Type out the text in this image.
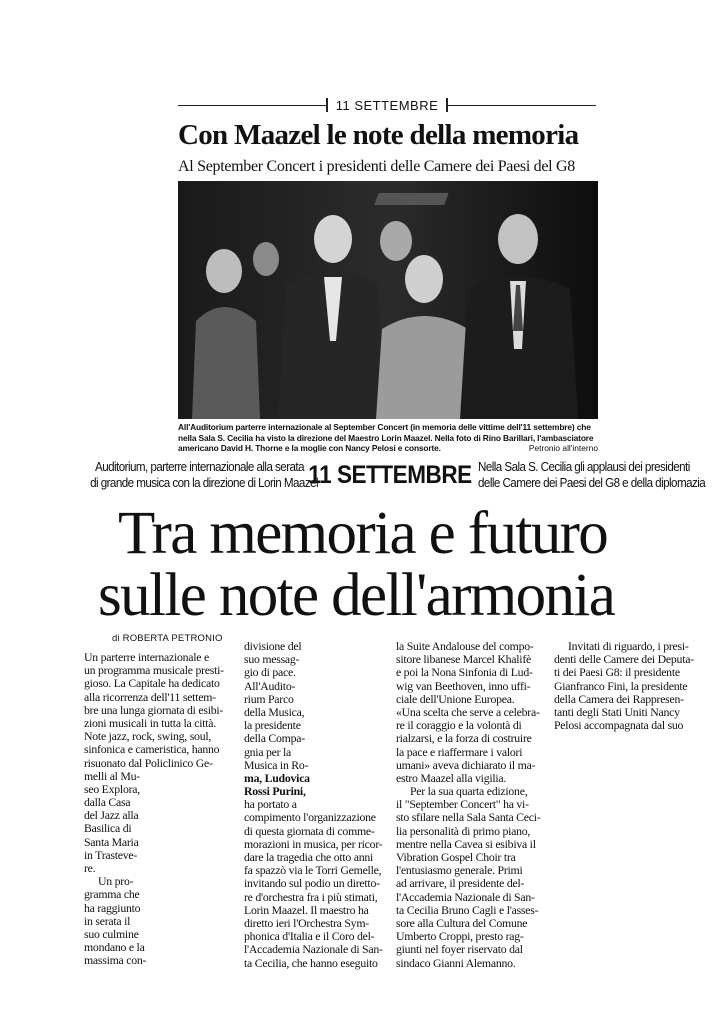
11 SETTEMBRE
Con Maazel le note della memoria
Al September Concert i presidenti delle Camere dei Paesi del G8
All'Auditorium parterre internazionale al September Concert (in memoria delle vittime dell'11 settembre) che
nella Sala S. Cecilia ha visto la direzione del Maestro Lorin Maazel. Nella foto di Rino Barillari, l'ambasciatore
americano David H. Thorne e la moglie con Nancy Pelosi e consorte.	Petronio all'interno
Auditorium, parterre internazionale alla serata
di grande musica con la direzione di Lorin Maazel
11 SETTEMBRE Nella Sala S. Cecilia gli applausi dei presidenti
delle Camere dei Paesi del G8 e della diplomazia
Tra memoria e futuro
sulle note dell'armonia
di ROBERTA PETRONIO
Un parterre internazionale e
un programma musicale presti-
gioso. La Capitale ha dedicato
alla ricorrenza dell'11 settem-
bre una lunga giornata di esibi-
zioni musicali in tutta la città.
Note jazz, rock, swing, soul,
sinfonica e cameristica, hanno
risuonato dal Policlinico Ge-
melli al Mu-
seo Explora,
dalla Casa
del Jazz alla
Basilica di
Santa Maria
in Trasteve-
re.
Un pro-
gramma che
ha raggiunto
in serata il
suo culmine
mondano e la
massima con-
divisione del
suo messag-
gio di pace.
All'Audito-
rium Parco
della Musica,
la presidente
della Compa-
gnia per la
Musica in Ro-
ma, Ludovica
Rossi Purini,
ha portato a
compimento l'organizzazione
di questa giornata di comme-
morazioni in musica, per ricor-
dare la tragedia che otto anni
fa spazzò via le Torri Gemelle,
invitando sul podio un diretto-
re d'orchestra fra i più stimati,
Lorin Maazel. Il maestro ha
diretto ieri l'Orchestra Sym-
phonica d'Italia e il Coro del-
l'Accademia Nazionale di San-
ta Cecilia, che hanno eseguito
la Suite Andalouse del compo-
sitore libanese Marcel Khalifè
e poi la Nona Sinfonia di Lud-
wig van Beethoven, inno uffi-
ciale dell'Unione Europea.
«Una scelta che serve a celebra-
re il coraggio e la volontà di
rialzarsi, e la forza di costruire
la pace e riaffermare i valori
umani» aveva dichiarato il ma-
estro Maazel alla vigilia.
Per la sua quarta edizione,
il "September Concert" ha vi-
sto sfilare nella Sala Santa Ceci-
lia personalità di primo piano,
mentre nella Cavea si esibiva il
Vibration Gospel Choir tra
l'entusiasmo generale. Primi
ad arrivare, il presidente del-
l'Accademia Nazionale di San-
ta Cecilia Bruno Cagli e l'asses-
sore alla Cultura del Comune
Umberto Croppi, presto rag-
giunti nel foyer riservato dal
sindaco Gianni Alemanno.
Invitati di riguardo, i presi-
denti delle Camere dei Deputa-
ti dei Paesi G8: il presidente
Gianfranco Fini, la presidente
della Camera dei Rappresen-
tanti degli Stati Uniti Nancy
Pelosi accompagnata dal suo
